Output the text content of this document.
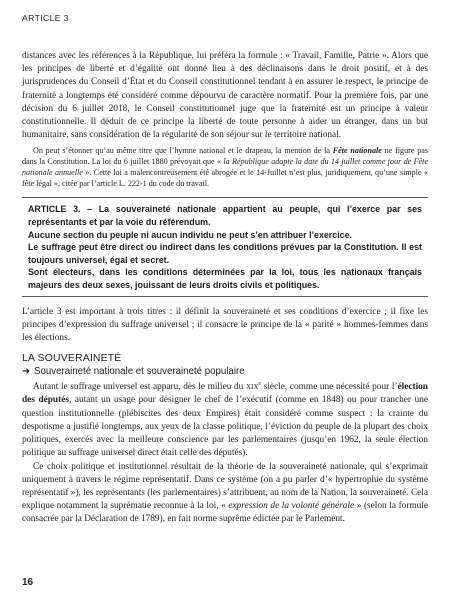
ARTICLE 3

distances avec les références à la République, lui préféra la formule : « Travail, Famille, Patrie ». Alors que les principes de liberté et d’égalité ont donné lieu à des déclinaisons dans le droit positif, et à des jurisprudences du Conseil d’État et du Conseil constitutionnel tendant à en assurer le respect, le principe de fraternité a longtemps été considéré comme dépourvu de caractère normatif. Pour la première fois, par une décision du 6 juillet 2018, le Conseil constitutionnel juge que la fraternité est un principe à valeur constitutionnelle. Il déduit de ce principe la liberté de toute personne à aider un étranger, dans un but humanitaire, sans considération de la régularité de son séjour sur le territoire national.

On peut s’étonner qu’au même titre que l’hymne national et le drapeau, la mention de la Fête nationale ne figure pas dans la Constitution. La loi du 6 juillet 1880 prévoyait que « la République adopte la date du 14 juillet comme jour de Fête nationale annuelle ». Cette loi a malencontreusement été abrogée et le 14-Juillet n’est plus, juridiquement, qu’une simple « fête légal », citée par l’article L. 222-1 du code du travail.

ARTICLE 3. – La souveraineté nationale appartient au peuple, qui l’exerce par ses représentants et par la voie du référendum.

Aucune section du peuple ni aucun individu ne peut s’en attribuer l’exercice.

Le suffrage peut être direct ou indirect dans les conditions prévues par la Constitution. Il est toujours universel, égal et secret.

Sont électeurs, dans les conditions déterminées par la loi, tous les nationaux français majeurs des deux sexes, jouissant de leurs droits civils et politiques.

L’article 3 est important à trois titres : il définit la souveraineté et ses conditions d’exercice ; il fixe les principes d’expression du suffrage universel ; il consacre le principe de la « parité » hommes-femmes dans les élections.

LA SOUVERAINETÉ
➜ Souveraineté nationale et souveraineté populaire

Autant le suffrage universel est apparu, dès le milieu du xix$^e$ siècle, comme une nécessité pour l’élection des députés, autant un usage pour désigner le chef de l’exécutif (comme en 1848) ou pour trancher une question institutionnelle (plébiscites des deux Empires) était considéré comme suspect : la crainte du despotisme a justifié longtemps, aux yeux de la classe politique, l’éviction du peuple de la plupart des choix politiques, exercés avec la meilleure conscience par les parlementaires (jusqu’en 1962, la seule élection politique au suffrage universel direct était celle des députés).

Ce choix politique et institutionnel résultait de la théorie de la souveraineté nationale, qui s’exprimait uniquement à travers le régime représentatif. Dans ce système (on a pu parler d’« hypertrophie du système représentatif »), les représentants (les parlementaires) s’attribuent, au nom de la Nation, la souveraineté. Cela explique notamment la suprématie reconnue à la loi, « expression de la volonté générale » (selon la formule consacrée par la Déclaration de 1789), en fait norme suprême édictée par le Parlement.

16
